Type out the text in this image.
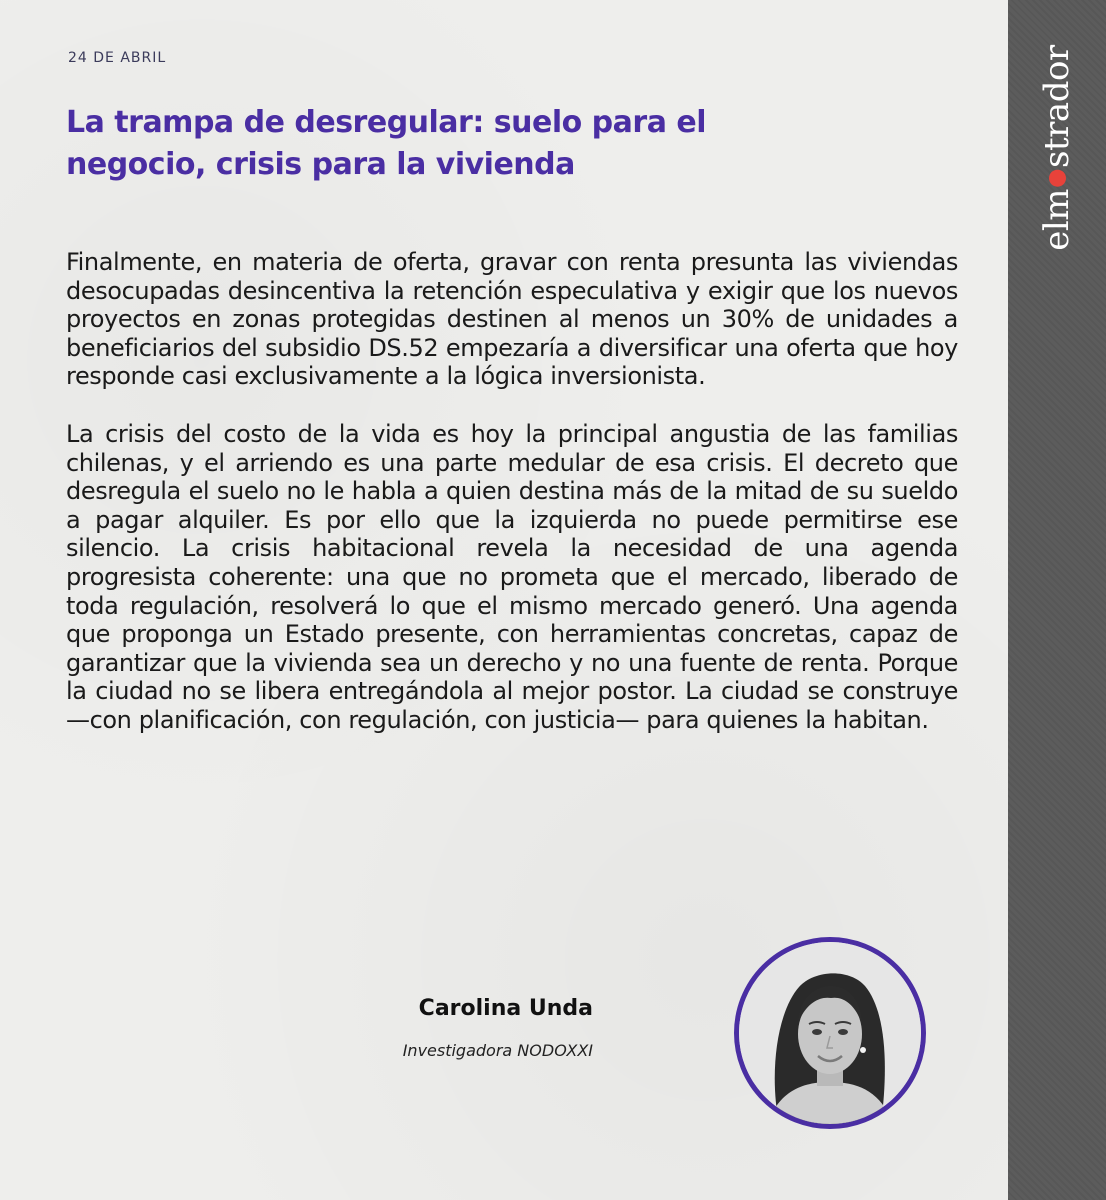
24 DE ABRIL
La trampa de desregular: suelo para el negocio, crisis para la vivienda

Finalmente, en materia de oferta, gravar con renta presunta las viviendas desocupadas desincentiva la retención especulativa y exigir que los nuevos proyectos en zonas protegidas destinen al menos un 30% de unidades a beneficiarios del subsidio DS.52 empezaría a diversificar una oferta que hoy responde casi exclusivamente a la lógica inversionista.

La crisis del costo de la vida es hoy la principal angustia de las familias chilenas, y el arriendo es una parte medular de esa crisis. El decreto que desregula el suelo no le habla a quien destina más de la mitad de su sueldo a pagar alquiler. Es por ello que la izquierda no puede permitirse ese silencio. La crisis habitacional revela la necesidad de una agenda progresista coherente: una que no prometa que el mercado, liberado de toda regulación, resolverá lo que el mismo mercado generó. Una agenda que proponga un Estado presente, con herramientas concretas, capaz de garantizar que la vivienda sea un derecho y no una fuente de renta. Porque la ciudad no se libera entregándola al mejor postor. La ciudad se construye —con planificación, con regulación, con justicia— para quienes la habitan.

Carolina Unda
Investigadora NODOXXI
elmstrador
